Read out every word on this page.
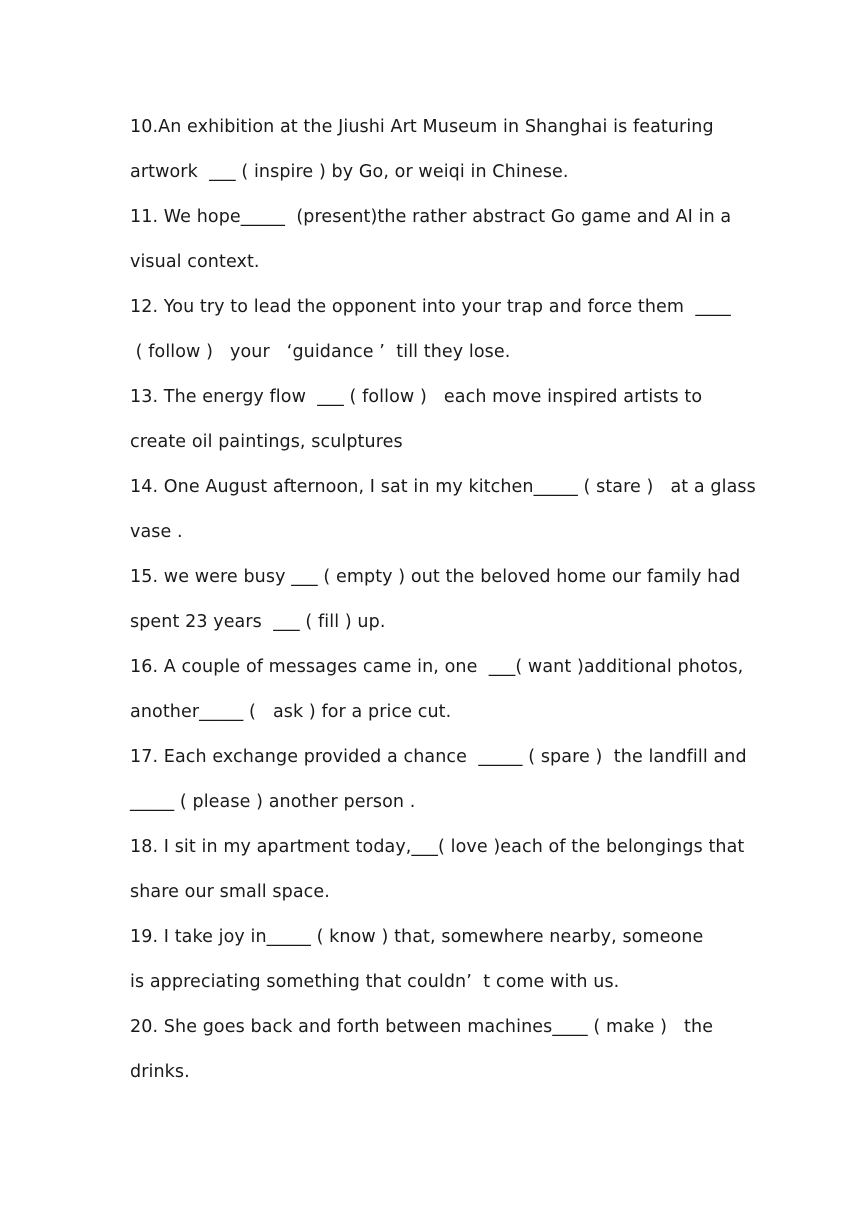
10.An exhibition at the Jiushi Art Museum in Shanghai is featuring
artwork  ___ ( inspire ) by Go, or weiqi in Chinese.
11. We hope_____  (present)the rather abstract Go game and AI in a
visual context.
12. You try to lead the opponent into your trap and force them  ____
( follow )   your   ‘guidance ’  till they lose.
13. The energy flow  ___ ( follow )   each move inspired artists to
create oil paintings, sculptures
14. One August afternoon, I sat in my kitchen_____ ( stare )   at a glass
vase .
15. we were busy ___ ( empty ) out the beloved home our family had
spent 23 years  ___ ( fill ) up.
16. A couple of messages came in, one  ___( want )additional photos,
another_____ (   ask ) for a price cut.
17. Each exchange provided a chance  _____ ( spare )  the landfill and
_____ ( please ) another person .
18. I sit in my apartment today,___( love )each of the belongings that
share our small space.
19. I take joy in_____ ( know ) that, somewhere nearby, someone
is appreciating something that couldn’  t come with us.
20. She goes back and forth between machines____ ( make )   the
drinks.
